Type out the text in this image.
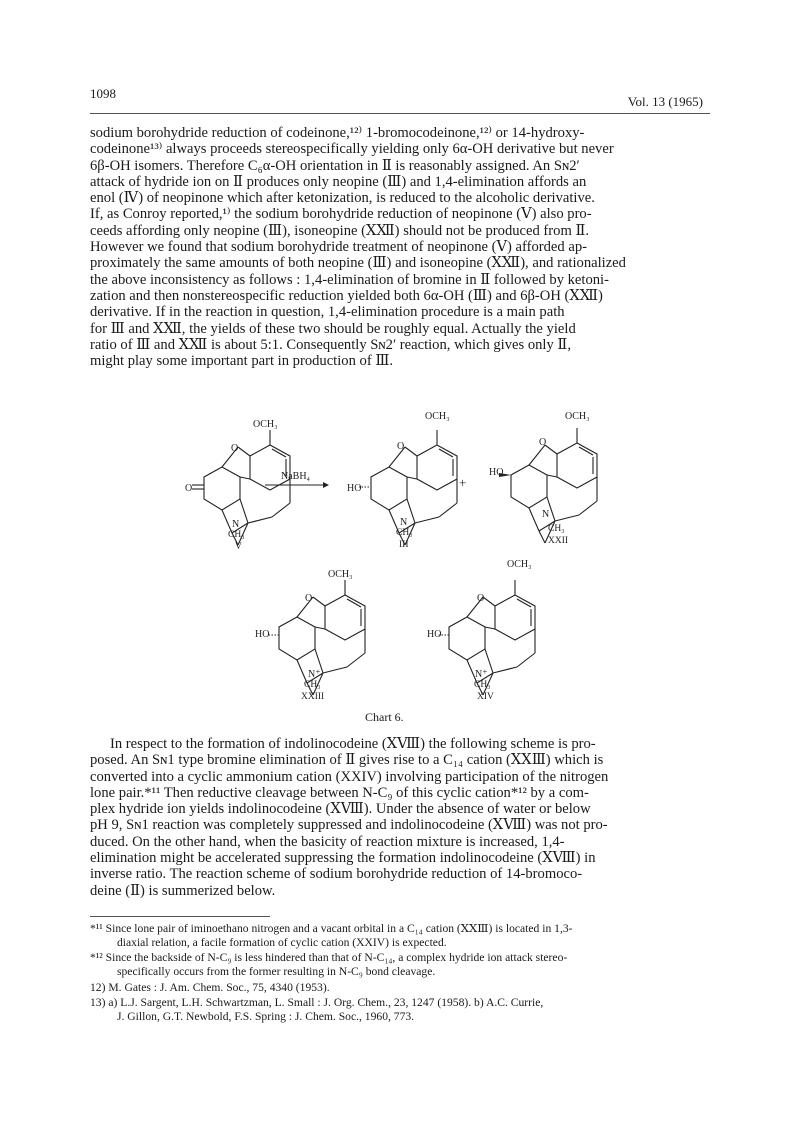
1098
Vol. 13 (1965)
sodium borohydride reduction of codeinone,¹²⁾ 1-bromocodeinone,¹²⁾ or 14-hydroxy-
codeinone¹³⁾ always proceeds stereospecifically yielding only 6α-OH derivative but never
6β-OH isomers. Therefore C₆α-OH orientation in Ⅱ is reasonably assigned. An Sɴ2′
attack of hydride ion on Ⅱ produces only neopine (Ⅲ) and 1,4-elimination affords an
enol (Ⅳ) of neopinone which after ketonization, is reduced to the alcoholic derivative.
If, as Conroy reported,¹⁾ the sodium borohydride reduction of neopinone (Ⅴ) also pro-
ceeds affording only neopine (Ⅲ), isoneopine (ⅩⅫ) should not be produced from Ⅱ.
However we found that sodium borohydride treatment of neopinone (Ⅴ) afforded ap-
proximately the same amounts of both neopine (Ⅲ) and isoneopine (ⅩⅫ), and rationalized
the above inconsistency as follows : 1,4-elimination of bromine in Ⅱ followed by ketoni-
zation and then nonstereospecific reduction yielded both 6α-OH (Ⅲ) and 6β-OH (ⅩⅫ)
derivative. If in the reaction in question, 1,4-elimination procedure is a main path
for Ⅲ and ⅩⅫ, the yields of these two should be roughly equal. Actually the yield
ratio of Ⅲ and ⅩⅫ is about 5:1. Consequently Sɴ2′ reaction, which gives only Ⅱ,
might play some important part in production of Ⅲ.
OCH₃
O
O
N
CH₃
V
NaBH₄
OCH₃
O
HO
N
CH₃
III
+
OCH₃
O
HO
N
CH₃
XXII
OCH₃
O
HO
N⁺
CH₃
XXIII
OCH₃
O
HO
N⁺
CH₃
XIV
Chart 6.
In respect to the formation of indolinocodeine (ⅩⅧ) the following scheme is pro-
posed. An Sɴ1 type bromine elimination of Ⅱ gives rise to a C₁₄ cation (ⅩⅩⅢ) which is
converted into a cyclic ammonium cation (XXIV) involving participation of the nitrogen
lone pair.*¹¹ Then reductive cleavage between N-C₉ of this cyclic cation*¹² by a com-
plex hydride ion yields indolinocodeine (ⅩⅧ). Under the absence of water or below
pH 9, Sɴ1 reaction was completely suppressed and indolinocodeine (ⅩⅧ) was not pro-
duced. On the other hand, when the basicity of reaction mixture is increased, 1,4-
elimination might be accelerated suppressing the formation indolinocodeine (ⅩⅧ) in
inverse ratio. The reaction scheme of sodium borohydride reduction of 14-bromoco-
deine (Ⅱ) is summerized below.
*¹¹ Since lone pair of iminoethano nitrogen and a vacant orbital in a C₁₄ cation (ⅩⅩⅢ) is located in 1,3-
diaxial relation, a facile formation of cyclic cation (XXIV) is expected.
*¹² Since the backside of N-C₉ is less hindered than that of N-C₁₄, a complex hydride ion attack stereo-
specifically occurs from the former resulting in N-C₉ bond cleavage.
12) M. Gates : J. Am. Chem. Soc., 75, 4340 (1953).
13) a) L.J. Sargent, L.H. Schwartzman, L. Small : J. Org. Chem., 23, 1247 (1958). b) A.C. Currie,
J. Gillon, G.T. Newbold, F.S. Spring : J. Chem. Soc., 1960, 773.
